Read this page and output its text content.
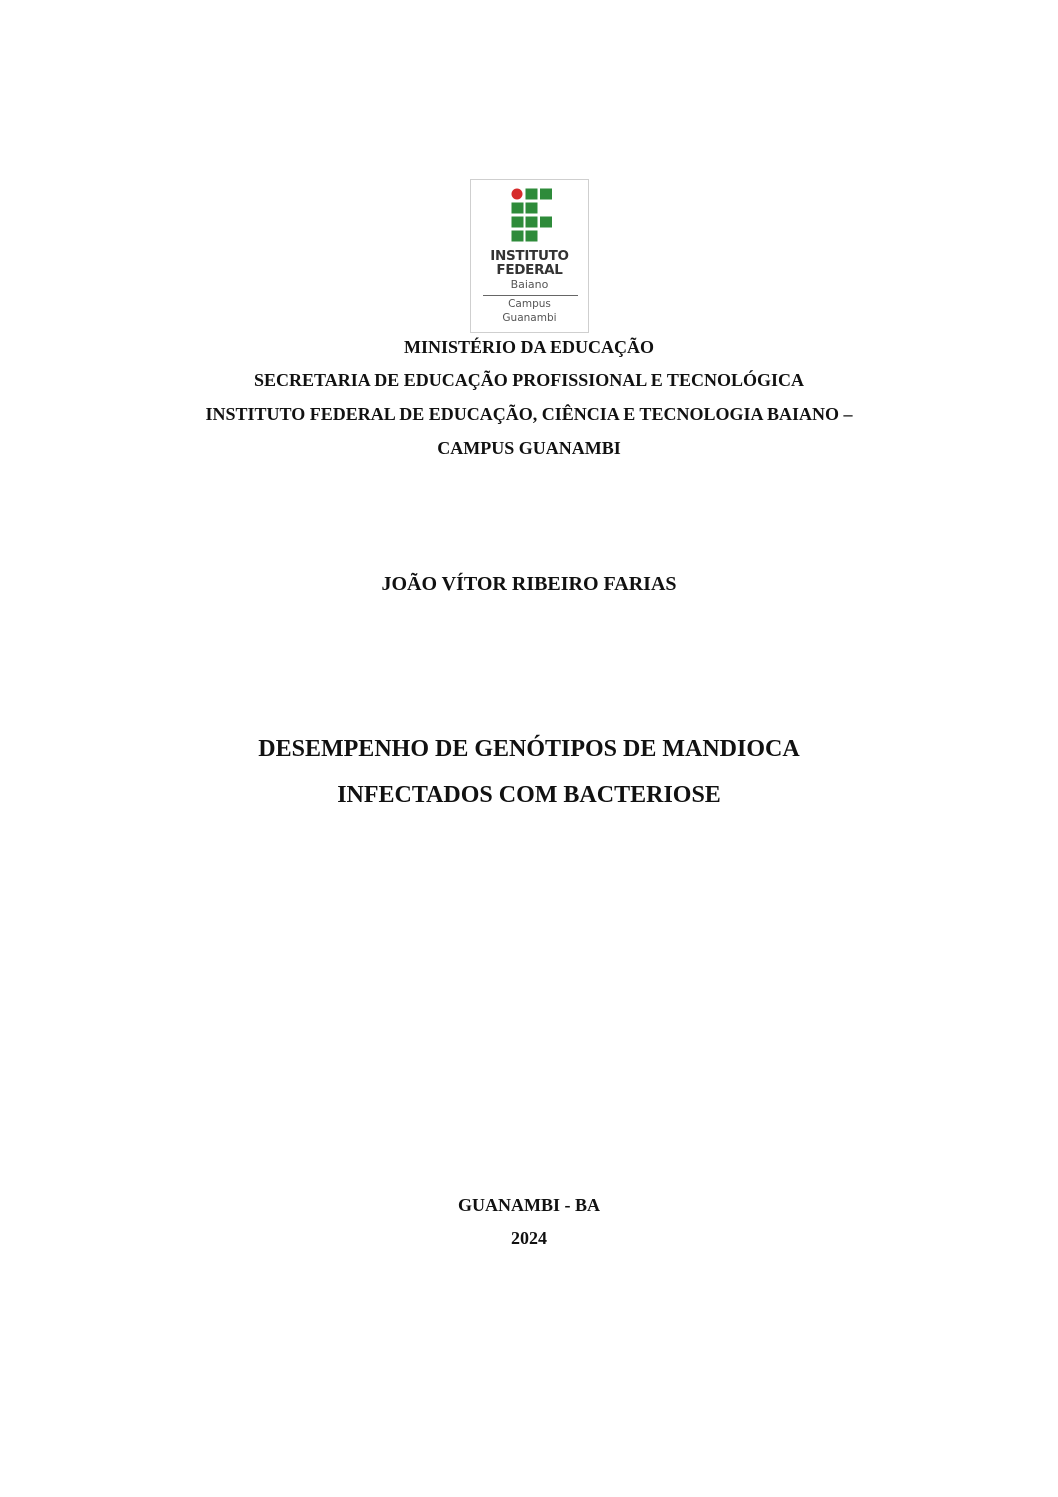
INSTITUTO
FEDERAL
Baiano
Campus
Guanambi
MINISTÉRIO DA EDUCAÇÃO
SECRETARIA DE EDUCAÇÃO PROFISSIONAL E TECNOLÓGICA
INSTITUTO FEDERAL DE EDUCAÇÃO, CIÊNCIA E TECNOLOGIA BAIANO –
CAMPUS GUANAMBI
JOÃO VÍTOR RIBEIRO FARIAS
DESEMPENHO DE GENÓTIPOS DE MANDIOCA
INFECTADOS COM BACTERIOSE
GUANAMBI - BA
2024
